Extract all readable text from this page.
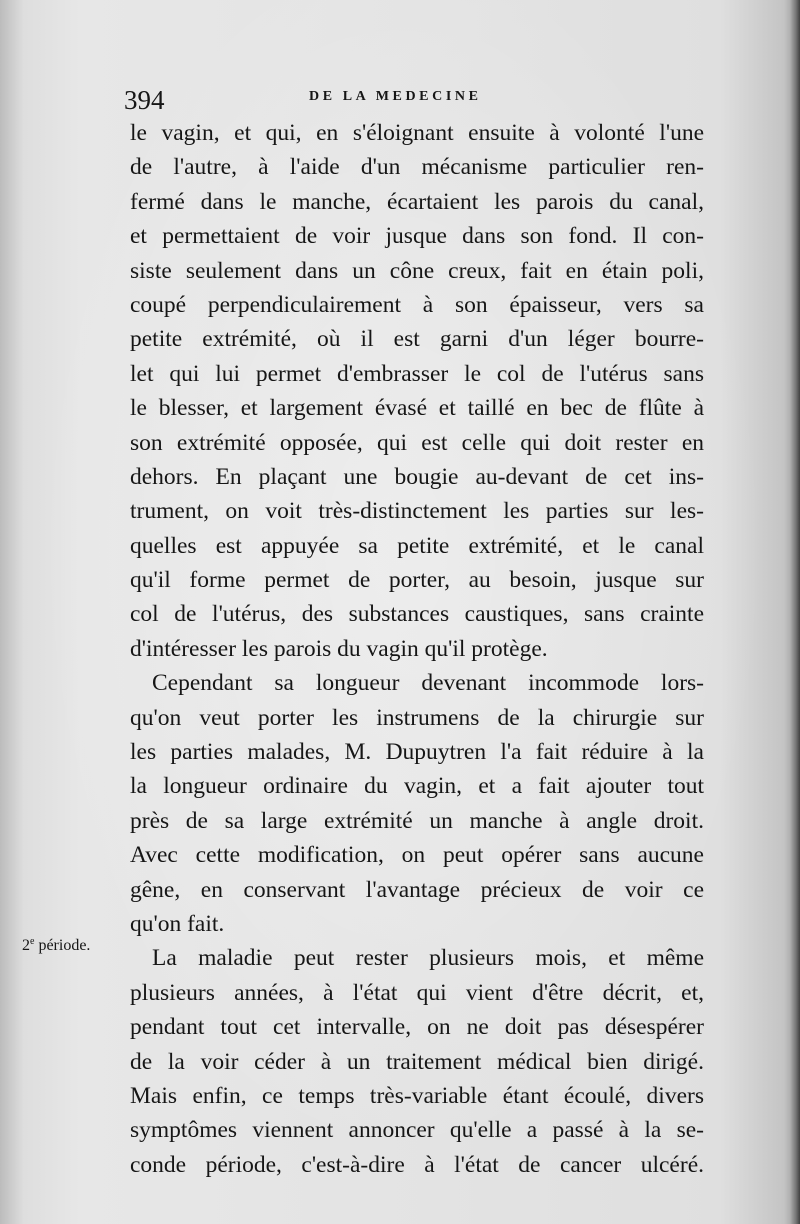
394	DE LA MEDECINE
2e période.
le vagin, et qui, en s'éloignant ensuite à volonté l'une
de l'autre, à l'aide d'un mécanisme particulier ren-
fermé dans le manche, écartaient les parois du canal,
et permettaient de voir jusque dans son fond. Il con-
siste seulement dans un cône creux, fait en étain poli,
coupé perpendiculairement à son épaisseur, vers sa
petite extrémité, où il est garni d'un léger bourre-
let qui lui permet d'embrasser le col de l'utérus sans
le blesser, et largement évasé et taillé en bec de flûte à
son extrémité opposée, qui est celle qui doit rester en
dehors. En plaçant une bougie au-devant de cet ins-
trument, on voit très-distinctement les parties sur les-
quelles est appuyée sa petite extrémité, et le canal
qu'il forme permet de porter, au besoin, jusque sur
col de l'utérus, des substances caustiques, sans crainte
d'intéresser les parois du vagin qu'il protège.
Cependant sa longueur devenant incommode lors-
qu'on veut porter les instrumens de la chirurgie sur
les parties malades, M. Dupuytren l'a fait réduire à la
la longueur ordinaire du vagin, et a fait ajouter tout
près de sa large extrémité un manche à angle droit.
Avec cette modification, on peut opérer sans aucune
gêne, en conservant l'avantage précieux de voir ce
qu'on fait.
La maladie peut rester plusieurs mois, et même
plusieurs années, à l'état qui vient d'être décrit, et,
pendant tout cet intervalle, on ne doit pas désespérer
de la voir céder à un traitement médical bien dirigé.
Mais enfin, ce temps très-variable étant écoulé, divers
symptômes viennent annoncer qu'elle a passé à la se-
conde période, c'est-à-dire à l'état de cancer ulcéré.
